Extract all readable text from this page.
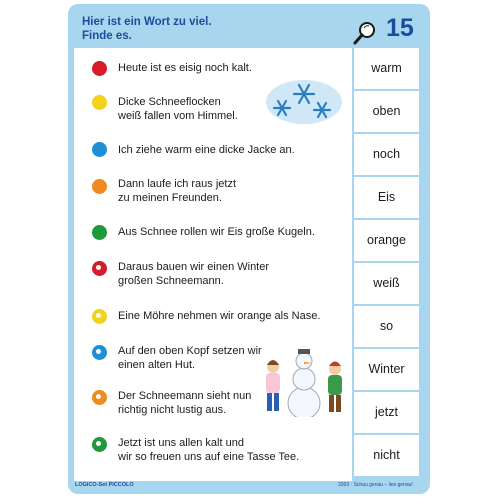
Hier ist ein Wort zu viel.
Finde es.	15
Heute ist es eisig noch kalt.
Dicke Schneeflocken
weiß fallen vom Himmel.
Ich ziehe warm eine dicke Jacke an.
Dann laufe ich raus jetzt
zu meinen Freunden.
Aus Schnee rollen wir Eis große Kugeln.
Daraus bauen wir einen Winter
großen Schneemann.
Eine Möhre nehmen wir orange als Nase.
Auf den oben Kopf setzen wir
einen alten Hut.
Der Schneemann sieht nun
richtig nicht lustig aus.
Jetzt ist uns allen kalt und
wir so freuen uns auf eine Tasse Tee.
warm
oben
noch
Eis
orange
weiß
so
Winter
jetzt
nicht
LOGICO-Set PICCOLO	3369 · Schau genau – lies genau!
